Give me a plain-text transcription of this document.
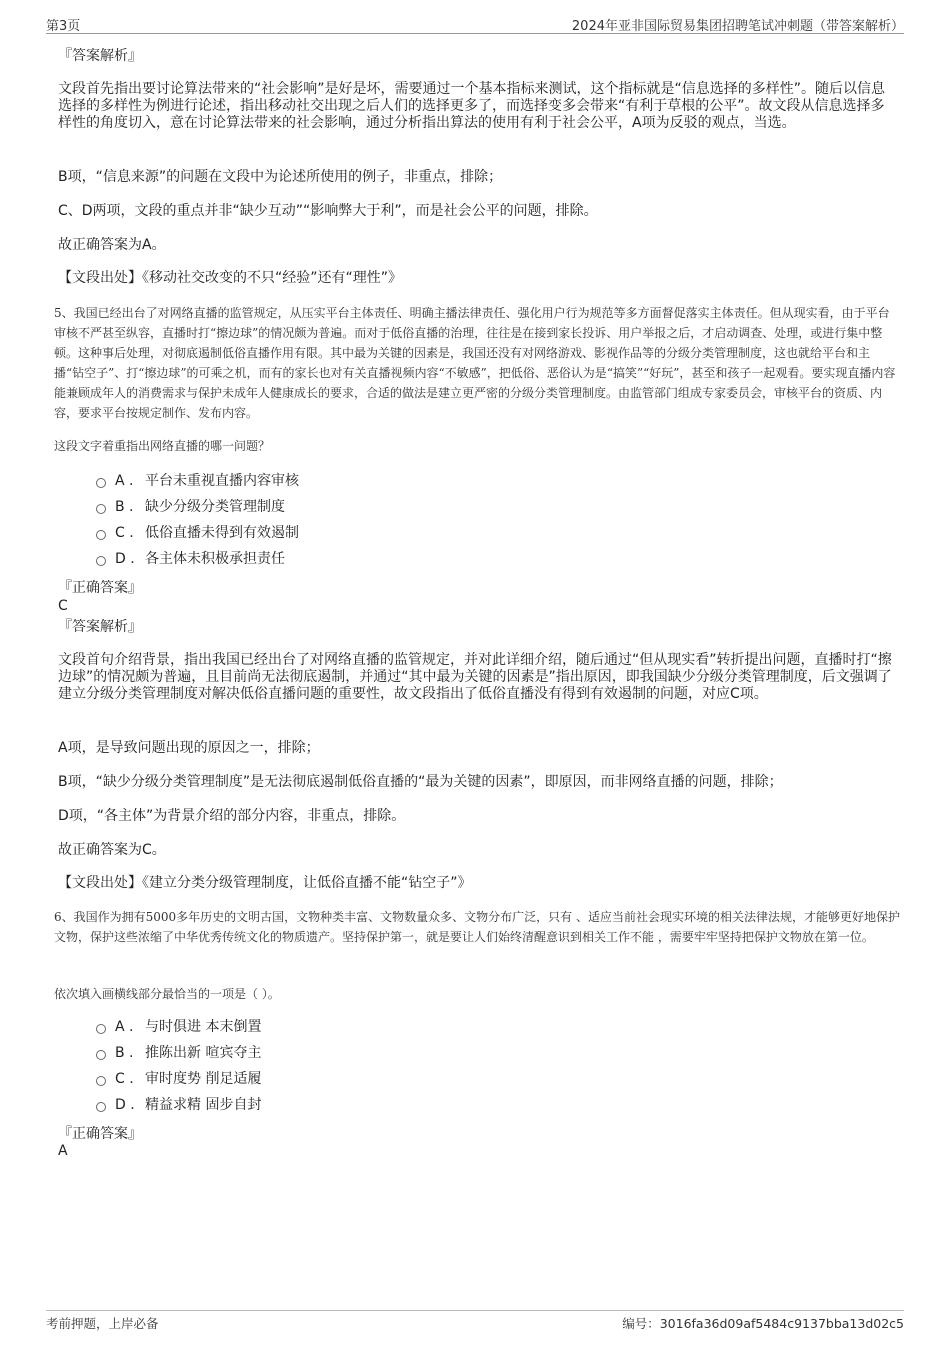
第3页	2024年亚非国际贸易集团招聘笔试冲刺题（带答案解析）
『答案解析』
文段首先指出要讨论算法带来的“社会影响”是好是坏，需要通过一个基本指标来测试，这个指标就是“信息选择的多样性”。随后以信息选择的多样性为例进行论述，指出移动社交出现之后人们的选择更多了，而选择变多会带来“有利于草根的公平”。故文段从信息选择多样性的角度切入，意在讨论算法带来的社会影响，通过分析指出算法的使用有利于社会公平，A项为反驳的观点，当选。
B项，“信息来源”的问题在文段中为论述所使用的例子，非重点，排除；
C、D两项，文段的重点并非“缺少互动”“影响弊大于利”，而是社会公平的问题，排除。
故正确答案为A。
【文段出处】《移动社交改变的不只“经验”还有“理性”》
5、我国已经出台了对网络直播的监管规定，从压实平台主体责任、明确主播法律责任、强化用户行为规范等多方面督促落实主体责任。但从现实看，由于平台审核不严甚至纵容，直播时打“擦边球”的情况颇为普遍。而对于低俗直播的治理，往往是在接到家长投诉、用户举报之后，才启动调查、处理，或进行集中整顿。这种事后处理，对彻底遏制低俗直播作用有限。其中最为关键的因素是，我国还没有对网络游戏、影视作品等的分级分类管理制度，这也就给平台和主播“钻空子”、打“擦边球”的可乘之机，而有的家长也对有关直播视频内容“不敏感”，把低俗、恶俗认为是“搞笑”“好玩”，甚至和孩子一起观看。要实现直播内容能兼顾成年人的消费需求与保护未成年人健康成长的要求，合适的做法是建立更严密的分级分类管理制度。由监管部门组成专家委员会，审核平台的资质、内容，要求平台按规定制作、发布内容。
这段文字着重指出网络直播的哪一问题？
A . 平台未重视直播内容审核
B . 缺少分级分类管理制度
C . 低俗直播未得到有效遏制
D . 各主体未积极承担责任
『正确答案』
C
『答案解析』
文段首句介绍背景，指出我国已经出台了对网络直播的监管规定，并对此详细介绍，随后通过“但从现实看”转折提出问题，直播时打“擦边球”的情况颇为普遍，且目前尚无法彻底遏制，并通过“其中最为关键的因素是”指出原因，即我国缺少分级分类管理制度，后文强调了建立分级分类管理制度对解决低俗直播问题的重要性，故文段指出了低俗直播没有得到有效遏制的问题，对应C项。
A项，是导致问题出现的原因之一，排除；
B项，“缺少分级分类管理制度”是无法彻底遏制低俗直播的“最为关键的因素”，即原因，而非网络直播的问题，排除；
D项，“各主体”为背景介绍的部分内容，非重点，排除。
故正确答案为C。
【文段出处】《建立分类分级管理制度，让低俗直播不能“钻空子”》
6、我国作为拥有5000多年历史的文明古国，文物种类丰富、文物数量众多、文物分布广泛，只有 、适应当前社会现实环境的相关法律法规，才能够更好地保护文物，保护这些浓缩了中华优秀传统文化的物质遗产。坚持保护第一，就是要让人们始终清醒意识到相关工作不能 ，需要牢牢坚持把保护文物放在第一位。
依次填入画横线部分最恰当的一项是（ ）。
A . 与时俱进 本末倒置
B . 推陈出新 喧宾夺主
C . 审时度势 削足适履
D . 精益求精 固步自封
『正确答案』
A
考前押题，上岸必备	编号：3016fa36d09af5484c9137bba13d02c5
